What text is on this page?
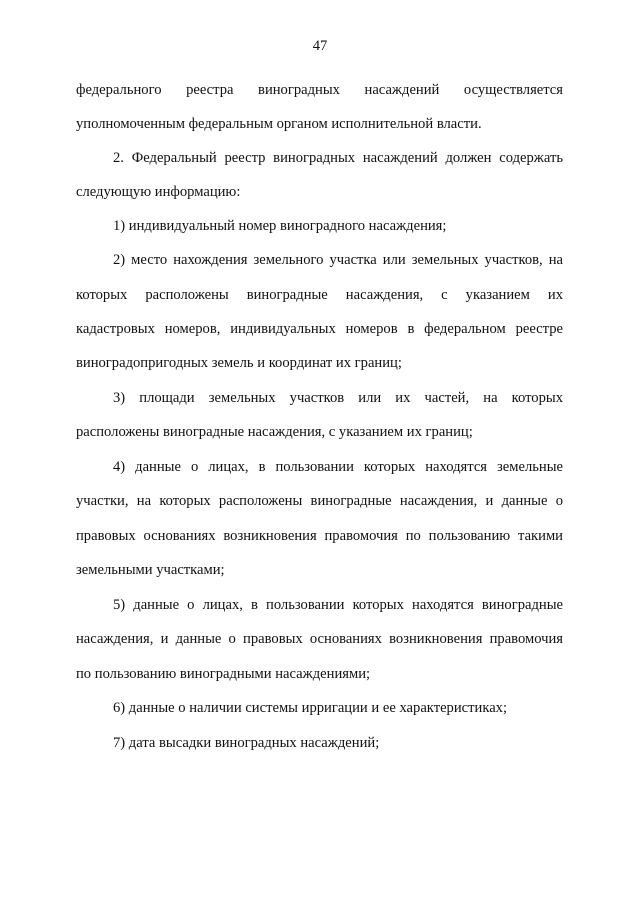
47
федерального реестра виноградных насаждений осуществляется
уполномоченным федеральным органом исполнительной власти.
2. Федеральный реестр виноградных насаждений должен содержать
следующую информацию:
1) индивидуальный номер виноградного насаждения;
2) место нахождения земельного участка или земельных участков, на
которых расположены виноградные насаждения, с указанием их
кадастровых номеров, индивидуальных номеров в федеральном реестре
виноградопригодных земель и координат их границ;
3) площади земельных участков или их частей, на которых
расположены виноградные насаждения, с указанием их границ;
4) данные о лицах, в пользовании которых находятся земельные
участки, на которых расположены виноградные насаждения, и данные о
правовых основаниях возникновения правомочия по пользованию такими
земельными участками;
5) данные о лицах, в пользовании которых находятся виноградные
насаждения, и данные о правовых основаниях возникновения правомочия
по пользованию виноградными насаждениями;
6) данные о наличии системы ирригации и ее характеристиках;
7) дата высадки виноградных насаждений;
